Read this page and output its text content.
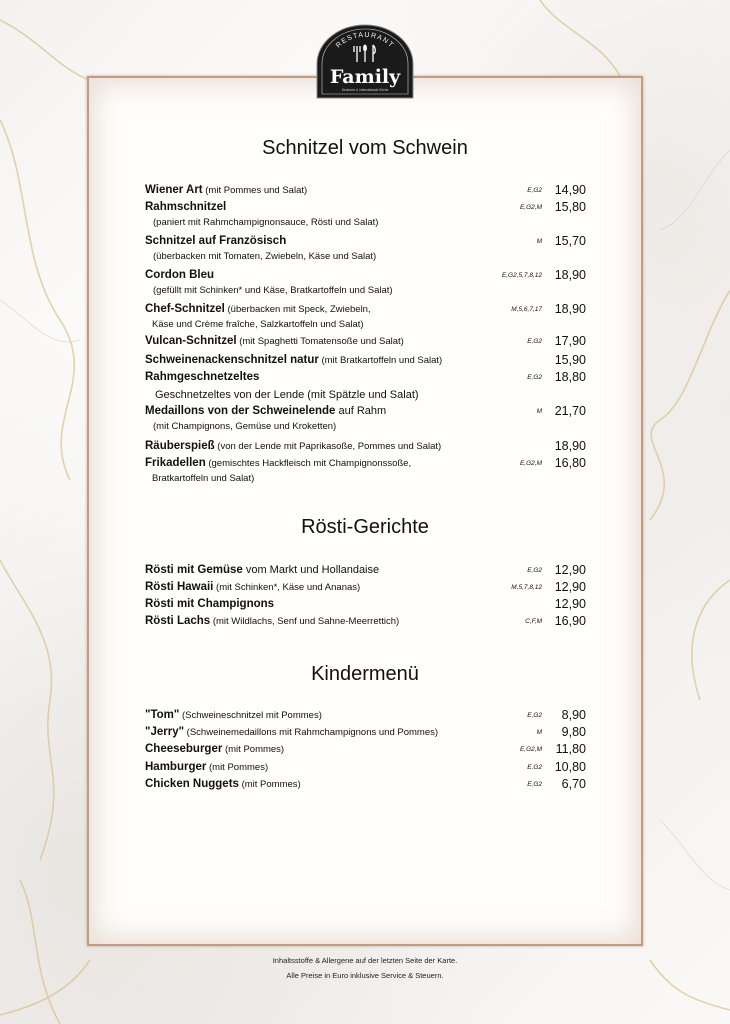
RESTAURANT
Family
Deutsche & Internationale Küche
Schnitzel vom Schwein
Wiener Art (mit Pommes und Salat)	E,G2 14,90
Rahmschnitzel	E,G2,M 15,80
(paniert mit Rahmchampignonsauce, Rösti und Salat)
Schnitzel auf Französisch	M 15,70
(überbacken mit Tomaten, Zwiebeln, Käse und Salat)
Cordon Bleu	E,G2,5,7,8,12 18,90
(gefüllt mit Schinken* und Käse, Bratkartoffeln und Salat)
Chef-Schnitzel (überbacken mit Speck, Zwiebeln,	M,5,6,7,17 18,90
Käse und Crème fraîche, Salzkartoffeln und Salat)
Vulcan-Schnitzel (mit Spaghetti Tomatensoße und Salat)	E,G2 17,90
Schweinenackenschnitzel natur (mit Bratkartoffeln und Salat)	15,90
Rahmgeschnetzeltes	E,G2 18,80
Geschnetzeltes von der Lende (mit Spätzle und Salat)
Medaillons von der Schweinelende auf Rahm	M 21,70
(mit Champignons, Gemüse und Kroketten)
Räuberspieß (von der Lende mit Paprikasoße, Pommes und Salat)	18,90
Frikadellen (gemischtes Hackfleisch mit Champignonssoße,	E,G2,M 16,80
Bratkartoffeln und Salat)
Rösti-Gerichte
Rösti mit Gemüse vom Markt und Hollandaise	E,G2 12,90
Rösti Hawaii (mit Schinken*, Käse und Ananas)	M,5,7,8,12 12,90
Rösti mit Champignons	12,90
Rösti Lachs (mit Wildlachs, Senf und Sahne-Meerrettich)	C,F,M 16,90
Kindermenü
"Tom" (Schweineschnitzel mit Pommes)	E,G2 8,90
"Jerry" (Schweinemedaillons mit Rahmchampignons und Pommes)	M 9,80
Cheeseburger (mit Pommes)	E,G2,M 11,80
Hamburger (mit Pommes)	E,G2 10,80
Chicken Nuggets (mit Pommes)	E,G2 6,70
Inhaltsstoffe & Allergene auf der letzten Seite der Karte.
Alle Preise in Euro inklusive Service & Steuern.
